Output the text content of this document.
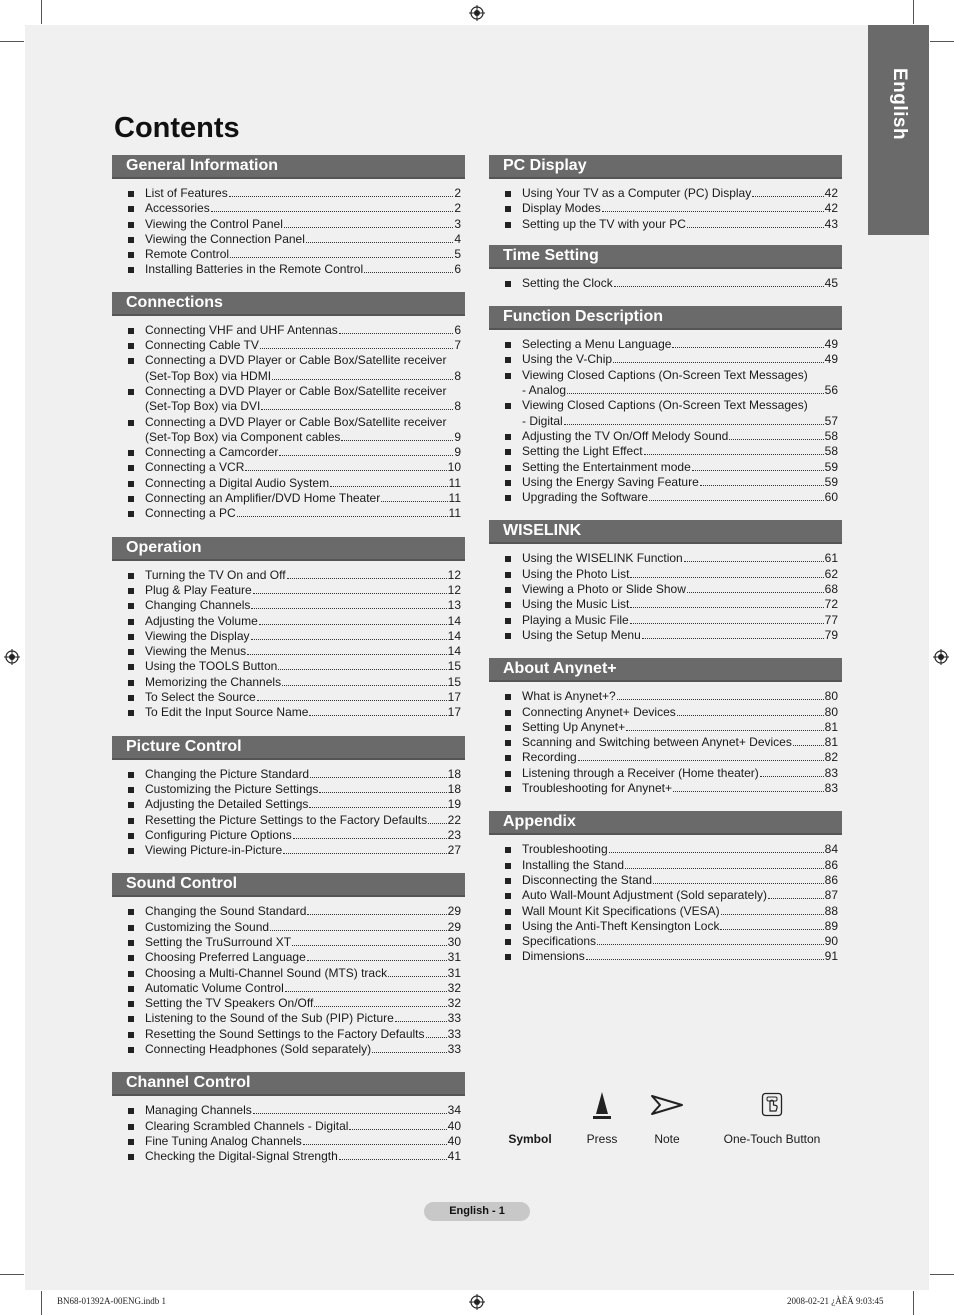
English
Contents
General Information
List of Features	2
Accessories	2
Viewing the Control Panel	3
Viewing the Connection Panel	4
Remote Control	5
Installing Batteries in the Remote Control	6
Connections
Connecting VHF and UHF Antennas	6
Connecting Cable TV	7
Connecting a DVD Player or Cable Box/Satellite receiver
(Set-Top Box) via HDMI	8
Connecting a DVD Player or Cable Box/Satellite receiver
(Set-Top Box) via DVI	8
Connecting a DVD Player or Cable Box/Satellite receiver
(Set-Top Box) via Component cables	9
Connecting a Camcorder	9
Connecting a VCR	10
Connecting a Digital Audio System	11
Connecting an Amplifier/DVD Home Theater	11
Connecting a PC	11
Operation
Turning the TV On and Off	12
Plug & Play Feature	12
Changing Channels	13
Adjusting the Volume	14
Viewing the Display	14
Viewing the Menus	14
Using the TOOLS Button	15
Memorizing the Channels	15
To Select the Source	17
To Edit the Input Source Name	17
Picture Control
Changing the Picture Standard	18
Customizing the Picture Settings	18
Adjusting the Detailed Settings	19
Resetting the Picture Settings to the Factory Defaults 22
Configuring Picture Options	23
Viewing Picture-in-Picture	27
Sound Control
Changing the Sound Standard	29
Customizing the Sound	29
Setting the TruSurround XT	30
Choosing Preferred Language	31
Choosing a Multi-Channel Sound (MTS) track	31
Automatic Volume Control	32
Setting the TV Speakers On/Off	32
Listening to the Sound of the Sub (PIP) Picture	33
Resetting the Sound Settings to the Factory Defaults 33
Connecting Headphones (Sold separately)	33
Channel Control
Managing Channels	34
Clearing Scrambled Channels - Digital	40
Fine Tuning Analog Channels	40
Checking the Digital-Signal Strength	41
PC Display
Using Your TV as a Computer (PC) Display	42
Display Modes	42
Setting up the TV with your PC	43
Time Setting
Setting the Clock	45
Function Description
Selecting a Menu Language	49
Using the V-Chip	49
Viewing Closed Captions (On-Screen Text Messages)
- Analog	56
Viewing Closed Captions (On-Screen Text Messages)
- Digital	57
Adjusting the TV On/Off Melody Sound	58
Setting the Light Effect	58
Setting the Entertainment mode	59
Using the Energy Saving Feature	59
Upgrading the Software	60
WISELINK
Using the WISELINK Function	61
Using the Photo List	62
Viewing a Photo or Slide Show	68
Using the Music List	72
Playing a Music File	77
Using the Setup Menu	79
About Anynet+
What is Anynet+?	80
Connecting Anynet+ Devices	80
Setting Up Anynet+	81
Scanning and Switching between Anynet+ Devices	81
Recording	82
Listening through a Receiver (Home theater)	83
Troubleshooting for Anynet+	83
Appendix
Troubleshooting	84
Installing the Stand	86
Disconnecting the Stand	86
Auto Wall-Mount Adjustment (Sold separately)	87
Wall Mount Kit Specifications (VESA)	88
Using the Anti-Theft Kensington Lock	89
Specifications	90
Dimensions	91
Symbol	Press	Note	One-Touch Button
English - 1
BN68-01392A-00ENG.indb 1	2008-02-21 ¿ÀÈÄ 9:03:45
